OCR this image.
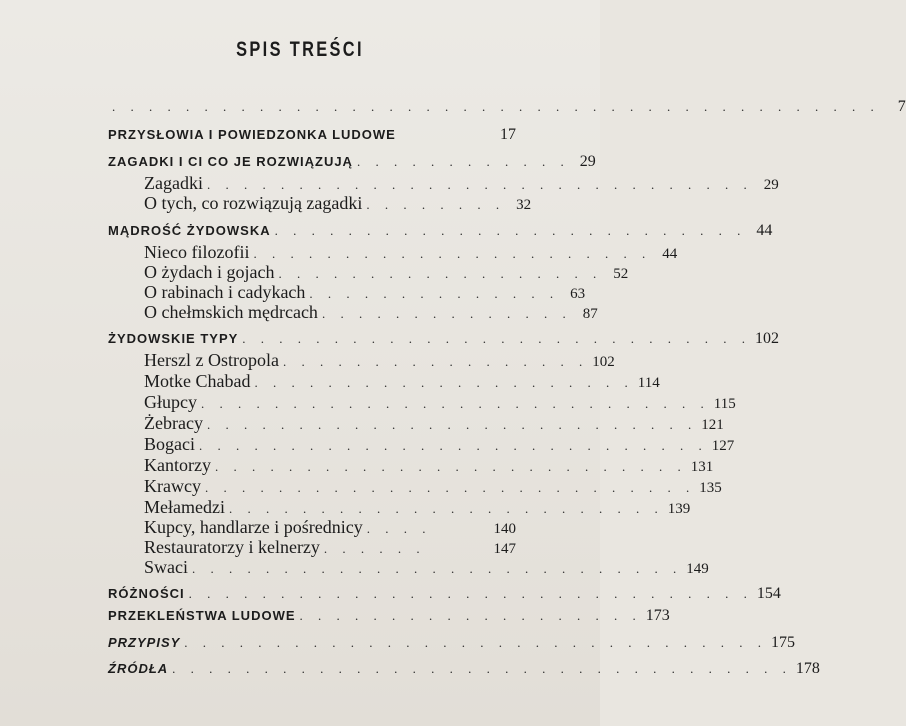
SPIS TREŚCI
. . . . . . . . . . . . . . . . . . . . . . . . . . . . . . . . . . . . . . . . . .	7
PRZYSŁOWIA I POWIEDZONKA LUDOWE	17
ZAGADKI I CI CO JE ROZWIĄZUJĄ . . . . . . . . . . . . 29
Zagadki . . . . . . . . . . . . . . . . . . . . . . . . . . . . . . 29
O tych, co rozwiązują zagadki . . . . . . . . 32
MĄDROŚĆ ŻYDOWSKA . . . . . . . . . . . . . . . . . . . . . . . . . . 44
Nieco filozofii . . . . . . . . . . . . . . . . . . . . . . 44
O żydach i gojach . . . . . . . . . . . . . . . . . . 52
O rabinach i cadykach . . . . . . . . . . . . . . 63
O chełmskich mędrcach . . . . . . . . . . . . . . 87
ŻYDOWSKIE TYPY . . . . . . . . . . . . . . . . . . . . . . . . . . . . 102
Herszl z Ostropola . . . . . . . . . . . . . . . . . 102
Motke Chabad . . . . . . . . . . . . . . . . . . . . . 114
Głupcy . . . . . . . . . . . . . . . . . . . . . . . . . . . . 115
Żebracy . . . . . . . . . . . . . . . . . . . . . . . . . . . 121
Bogaci . . . . . . . . . . . . . . . . . . . . . . . . . . . . 127
Kantorzy . . . . . . . . . . . . . . . . . . . . . . . . . . 131
Krawcy . . . . . . . . . . . . . . . . . . . . . . . . . . . 135
Mełamedzi . . . . . . . . . . . . . . . . . . . . . . . . 139
Kupcy, handlarze i pośrednicy . . . .	140
Restauratorzy i kelnerzy . . . . . .	147
Swaci . . . . . . . . . . . . . . . . . . . . . . . . . . . 149
RÓŻNOŚCI . . . . . . . . . . . . . . . . . . . . . . . . . . . . . . . 154
PRZEKLEŃSTWA LUDOWE . . . . . . . . . . . . . . . . . . . 173
PRZYPISY . . . . . . . . . . . . . . . . . . . . . . . . . . . . . . . . 175
ŹRÓDŁA . . . . . . . . . . . . . . . . . . . . . . . . . . . . . . . . . . 178
